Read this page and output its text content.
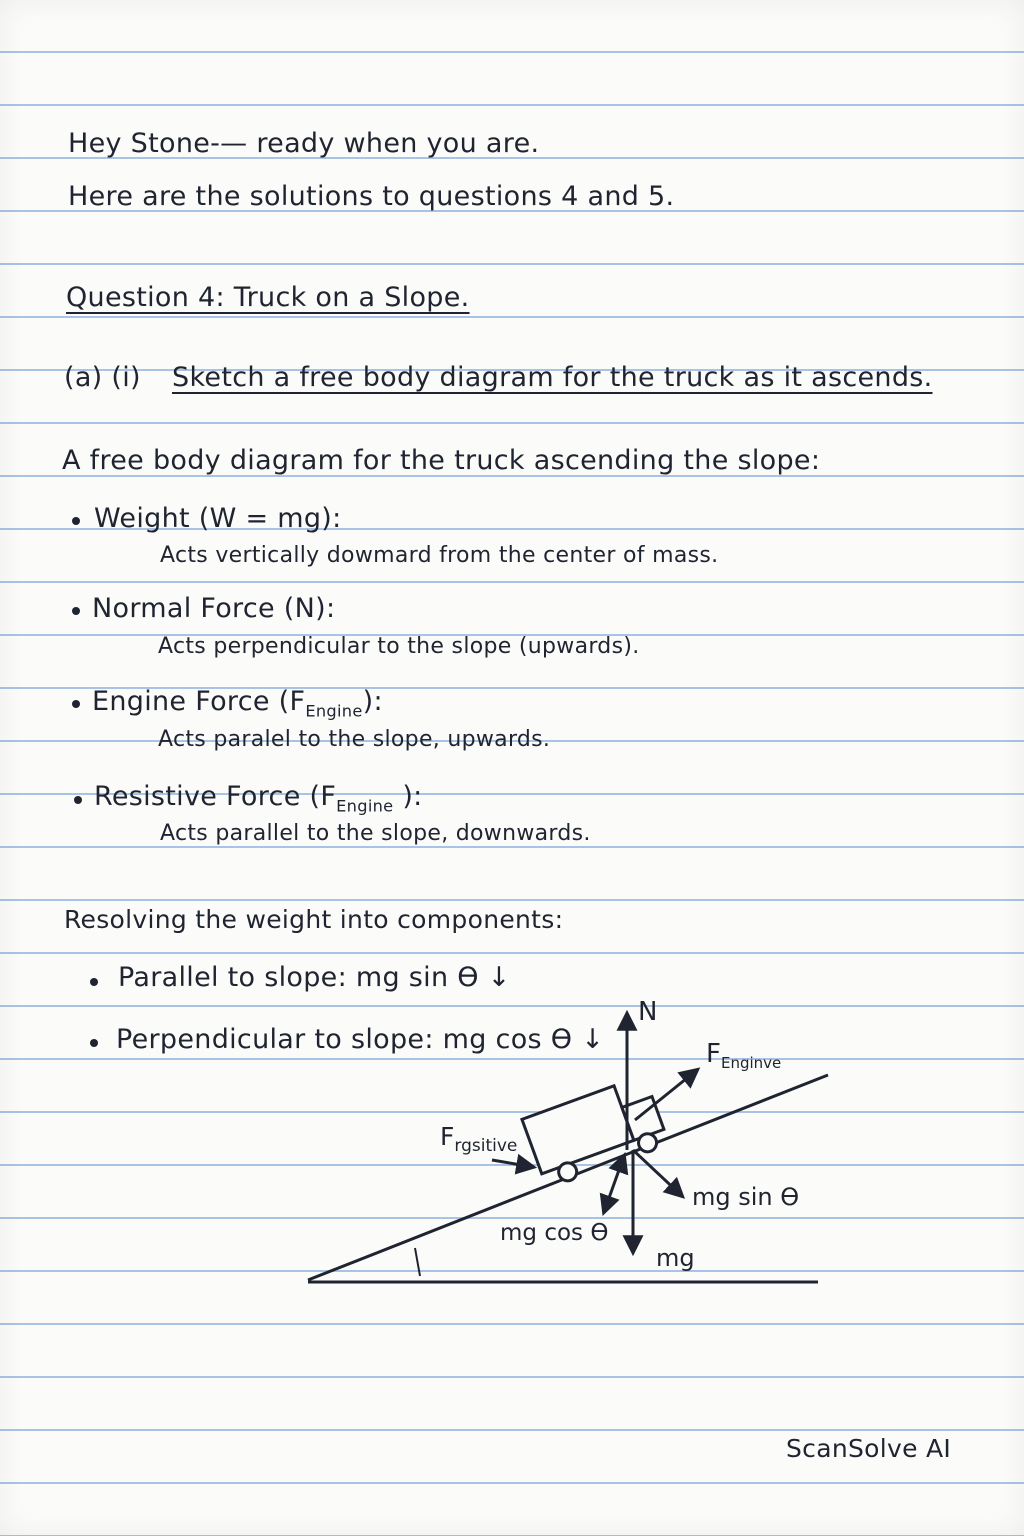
Hey Stone-— ready when you are.
Here are the solutions to questions 4 and 5.
Question 4: Truck on a Slope.
(a) (i) Sketch a free body diagram for the truck as it ascends.
A free body diagram for the truck ascending the slope:
Weight (W = mg):
Acts vertically dowmard from the center of mass.
Normal Force (N):
Acts perpendicular to the slope (upwards).
Engine Force $(F_{Engine})$:
Acts paralel to the slope, upwards.
Resistive Force ($F_{Engine}$ ):
Acts parallel to the slope, downwards.
Resolving the weight into components:
Parallel to slope: mg sin ϴ ↓
Perpendicular to slope: mg cos ϴ ↓
N
$F_{Enginve}$
$F_{rgsitive}$
mg sin ϴ
mg cos ϴ
mg
ScanSolve AI
